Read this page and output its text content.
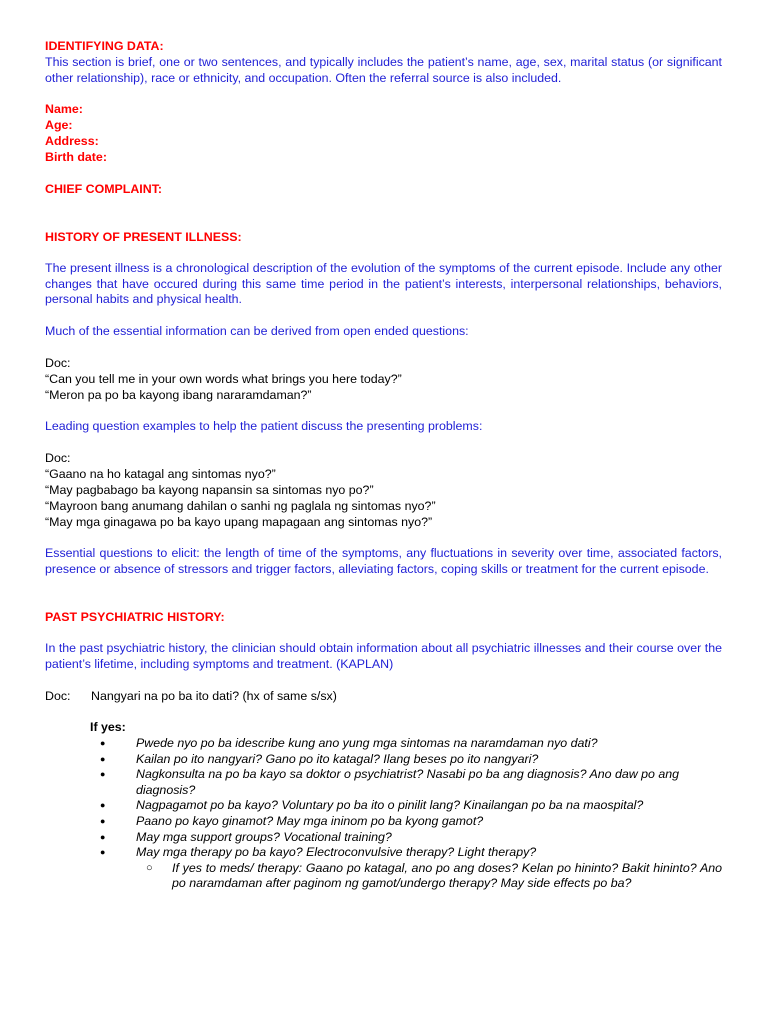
IDENTIFYING DATA:

This section is brief, one or two sentences, and typically includes the patient’s name, age, sex, marital status (or significant other relationship), race or ethnicity, and occupation. Often the referral source is also included.

Name:

Age:

Address:

Birth date:

CHIEF COMPLAINT:

HISTORY OF PRESENT ILLNESS:

The present illness is a chronological description of the evolution of the symptoms of the current episode. Include any other changes that have occured during this same time period in the patient’s interests, interpersonal relationships, behaviors, personal habits and physical health.

Much of the essential information can be derived from open ended questions:

Doc:

“Can you tell me in your own words what brings you here today?”

“Meron pa po ba kayong ibang nararamdaman?”

Leading question examples to help the patient discuss the presenting problems:

Doc:

“Gaano na ho katagal ang sintomas nyo?”

“May pagbabago ba kayong napansin sa sintomas nyo po?”

“Mayroon bang anumang dahilan o sanhi ng paglala ng sintomas nyo?”

“May mga ginagawa po ba kayo upang mapagaan ang sintomas nyo?”

Essential questions to elicit: the length of time of the symptoms, any fluctuations in severity over time, associated factors, presence or absence of stressors and trigger factors, alleviating factors, coping skills or treatment for the current episode.

PAST PSYCHIATRIC HISTORY:

In the past psychiatric history, the clinician should obtain information about all psychiatric illnesses and their course over the patient’s lifetime, including symptoms and treatment. (KAPLAN)

Doc: Nangyari na po ba ito dati? (hx of same s/sx)

If yes:

● Pwede nyo po ba idescribe kung ano yung mga sintomas na naramdaman nyo dati?
● Kailan po ito nangyari? Gano po ito katagal? Ilang beses po ito nangyari?
● Nagkonsulta na po ba kayo sa doktor o psychiatrist? Nasabi po ba ang diagnosis? Ano daw po ang diagnosis?
● Nagpagamot po ba kayo? Voluntary po ba ito o pinilit lang? Kinailangan po ba na maospital?
● Paano po kayo ginamot? May mga ininom po ba kyong gamot?
● May mga support groups? Vocational training?
● May mga therapy po ba kayo? Electroconvulsive therapy? Light therapy?
○ If yes to meds/ therapy: Gaano po katagal, ano po ang doses? Kelan po hininto? Bakit hininto? Ano po naramdaman after paginom ng gamot/undergo therapy? May side effects po ba?
